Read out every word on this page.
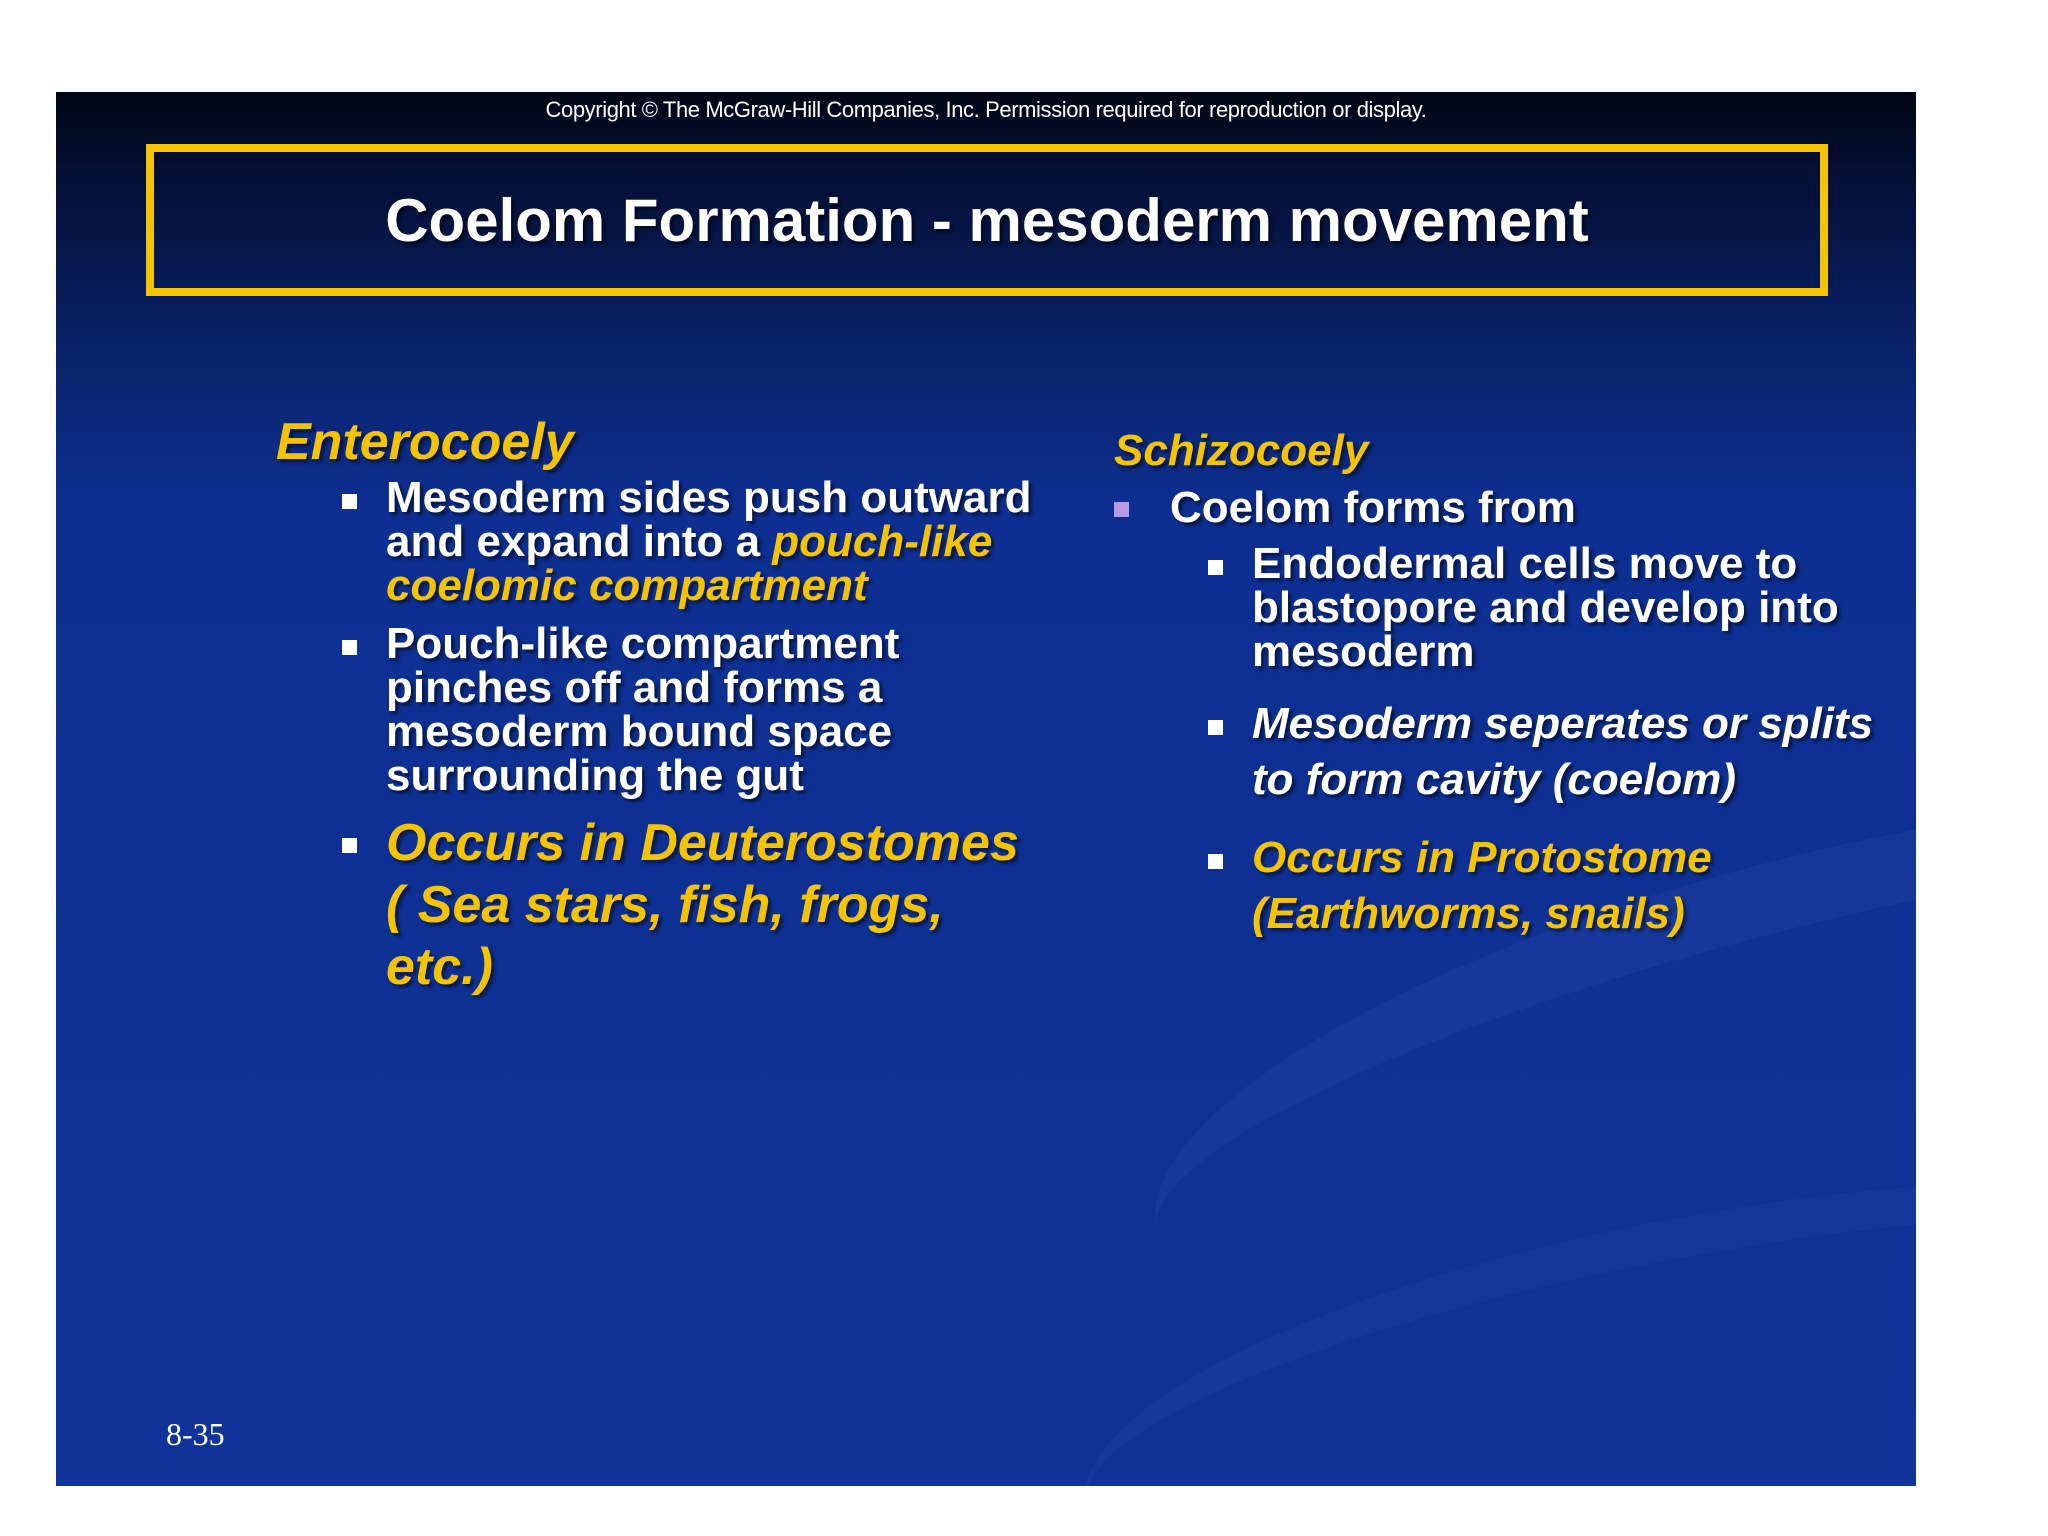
Copyright © The McGraw-Hill Companies, Inc. Permission required for reproduction or display.
Coelom Formation - mesoderm movement
Enterocoely
Mesoderm sides push outward and expand into a pouch-like coelomic compartment
Pouch-like compartment pinches off and forms a mesoderm bound space surrounding the gut
Occurs in Deuterostomes ( Sea stars, fish, frogs, etc.)
Schizocoely
Coelom forms from
Endodermal cells move to blastopore and develop into mesoderm
Mesoderm seperates or splits to form cavity (coelom)
Occurs in Protostome (Earthworms, snails)
8-35
